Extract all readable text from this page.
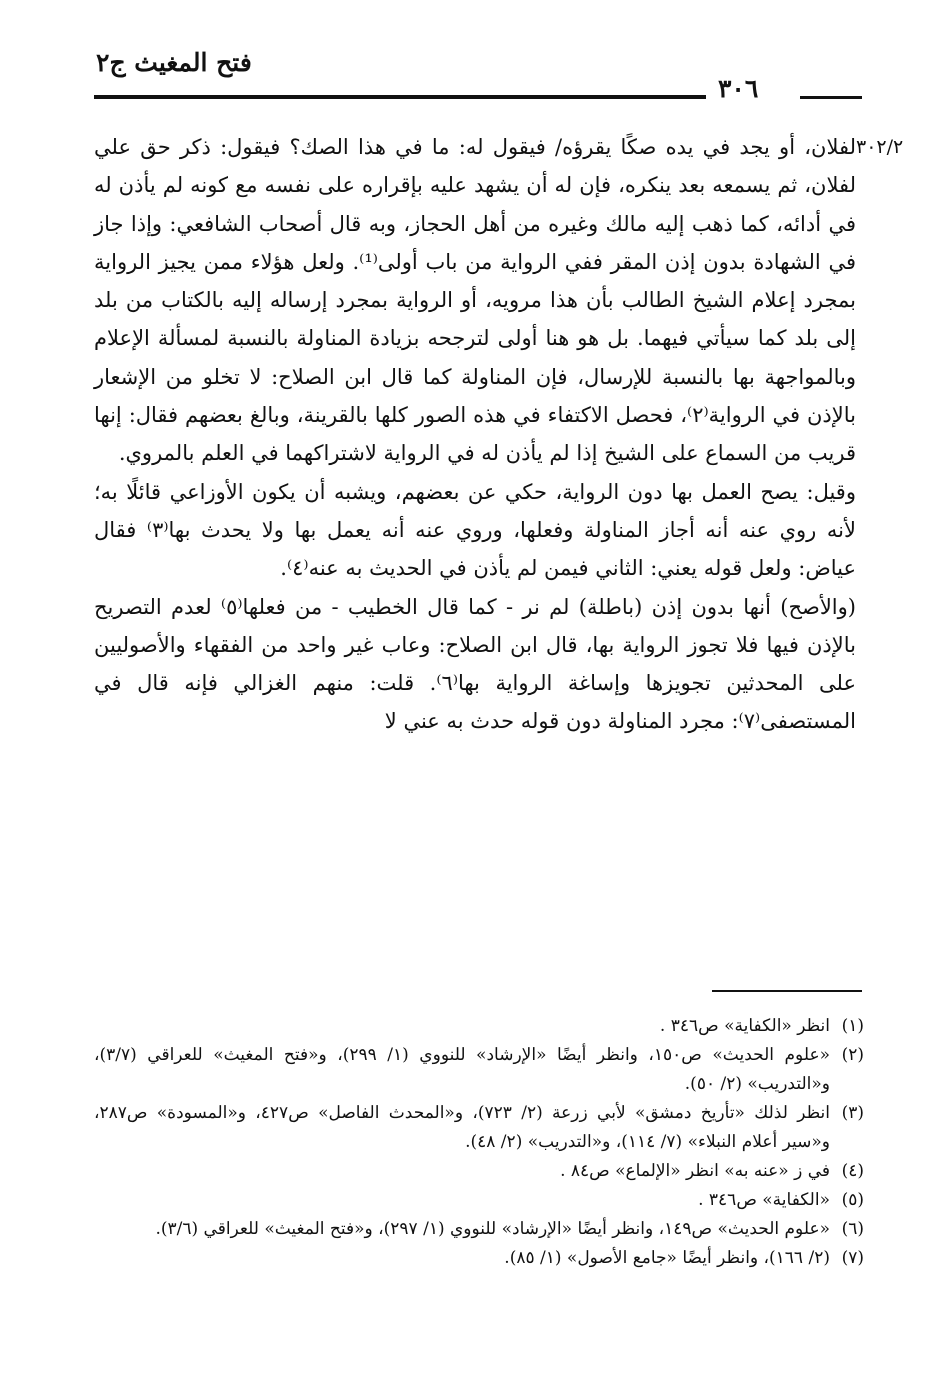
فتح المغيث ج٢
٣٠٦
٣٠٢/٢

لفلان، أو يجد في يده صكًا يقرؤه/ فيقول له: ما في هذا الصك؟ فيقول: ذكر حق علي لفلان، ثم يسمعه بعد ينكره، فإن له أن يشهد عليه بإقراره على نفسه مع كونه لم يأذن له في أدائه، كما ذهب إليه مالك وغيره من أهل الحجاز، وبه قال أصحاب الشافعي: وإذا جاز في الشهادة بدون إذن المقر ففي الرواية من باب أولى⁽¹⁾. ولعل هؤلاء ممن يجيز الرواية بمجرد إعلام الشيخ الطالب بأن هذا مرويه، أو الرواية بمجرد إرساله إليه بالكتاب من بلد إلى بلد كما سيأتي فيهما. بل هو هنا أولى لترجحه بزيادة المناولة بالنسبة لمسألة الإعلام وبالمواجهة بها بالنسبة للإرسال، فإن المناولة كما قال ابن الصلاح: لا تخلو من الإشعار بالإذن في الرواية⁽٢⁾، فحصل الاكتفاء في هذه الصور كلها بالقرينة، وبالغ بعضهم فقال: إنها قريب من السماع على الشيخ إذا لم يأذن له في الرواية لاشتراكهما في العلم بالمروي.

وقيل: يصح العمل بها دون الرواية، حكي عن بعضهم، ويشبه أن يكون الأوزاعي قائلًا به؛ لأنه روي عنه أنه أجاز المناولة وفعلها، وروي عنه أنه يعمل بها ولا يحدث بها⁽٣⁾ فقال عياض: ولعل قوله يعني: الثاني فيمن لم يأذن في الحديث به عنه⁽٤⁾.

(والأصح) أنها بدون إذن (باطلة) لم نر - كما قال الخطيب - من فعلها⁽٥⁾ لعدم التصريح بالإذن فيها فلا تجوز الرواية بها، قال ابن الصلاح: وعاب غير واحد من الفقهاء والأصوليين على المحدثين تجويزها وإساغة الرواية بها⁽٦⁾. قلت: منهم الغزالي فإنه قال في المستصفى⁽٧⁾: مجرد المناولة دون قوله حدث به عني لا

(١)
انظر «الكفاية» ص٣٤٦ .
(٢)
«علوم الحديث» ص١٥٠، وانظر أيضًا «الإرشاد» للنووي (١/ ٢٩٩)، و«فتح المغيث» للعراقي (٣/٧)، و«التدريب» (٢/ ٥٠).
(٣)
انظر لذلك «تأريخ دمشق» لأبي زرعة (٢/ ٧٢٣)، و«المحدث الفاصل» ص٤٢٧، و«المسودة» ص٢٨٧، و«سير أعلام النبلاء» (٧/ ١١٤)، و«التدريب» (٢/ ٤٨).
(٤)
في ز «عنه به» انظر «الإلماع» ص٨٤ .
(٥)
«الكفاية» ص٣٤٦ .
(٦)
«علوم الحديث» ص١٤٩، وانظر أيضًا «الإرشاد» للنووي (١/ ٢٩٧)، و«فتح المغيث» للعراقي (٣/٦).
(٧)
(٢/ ١٦٦)، وانظر أيضًا «جامع الأصول» (١/ ٨٥).
